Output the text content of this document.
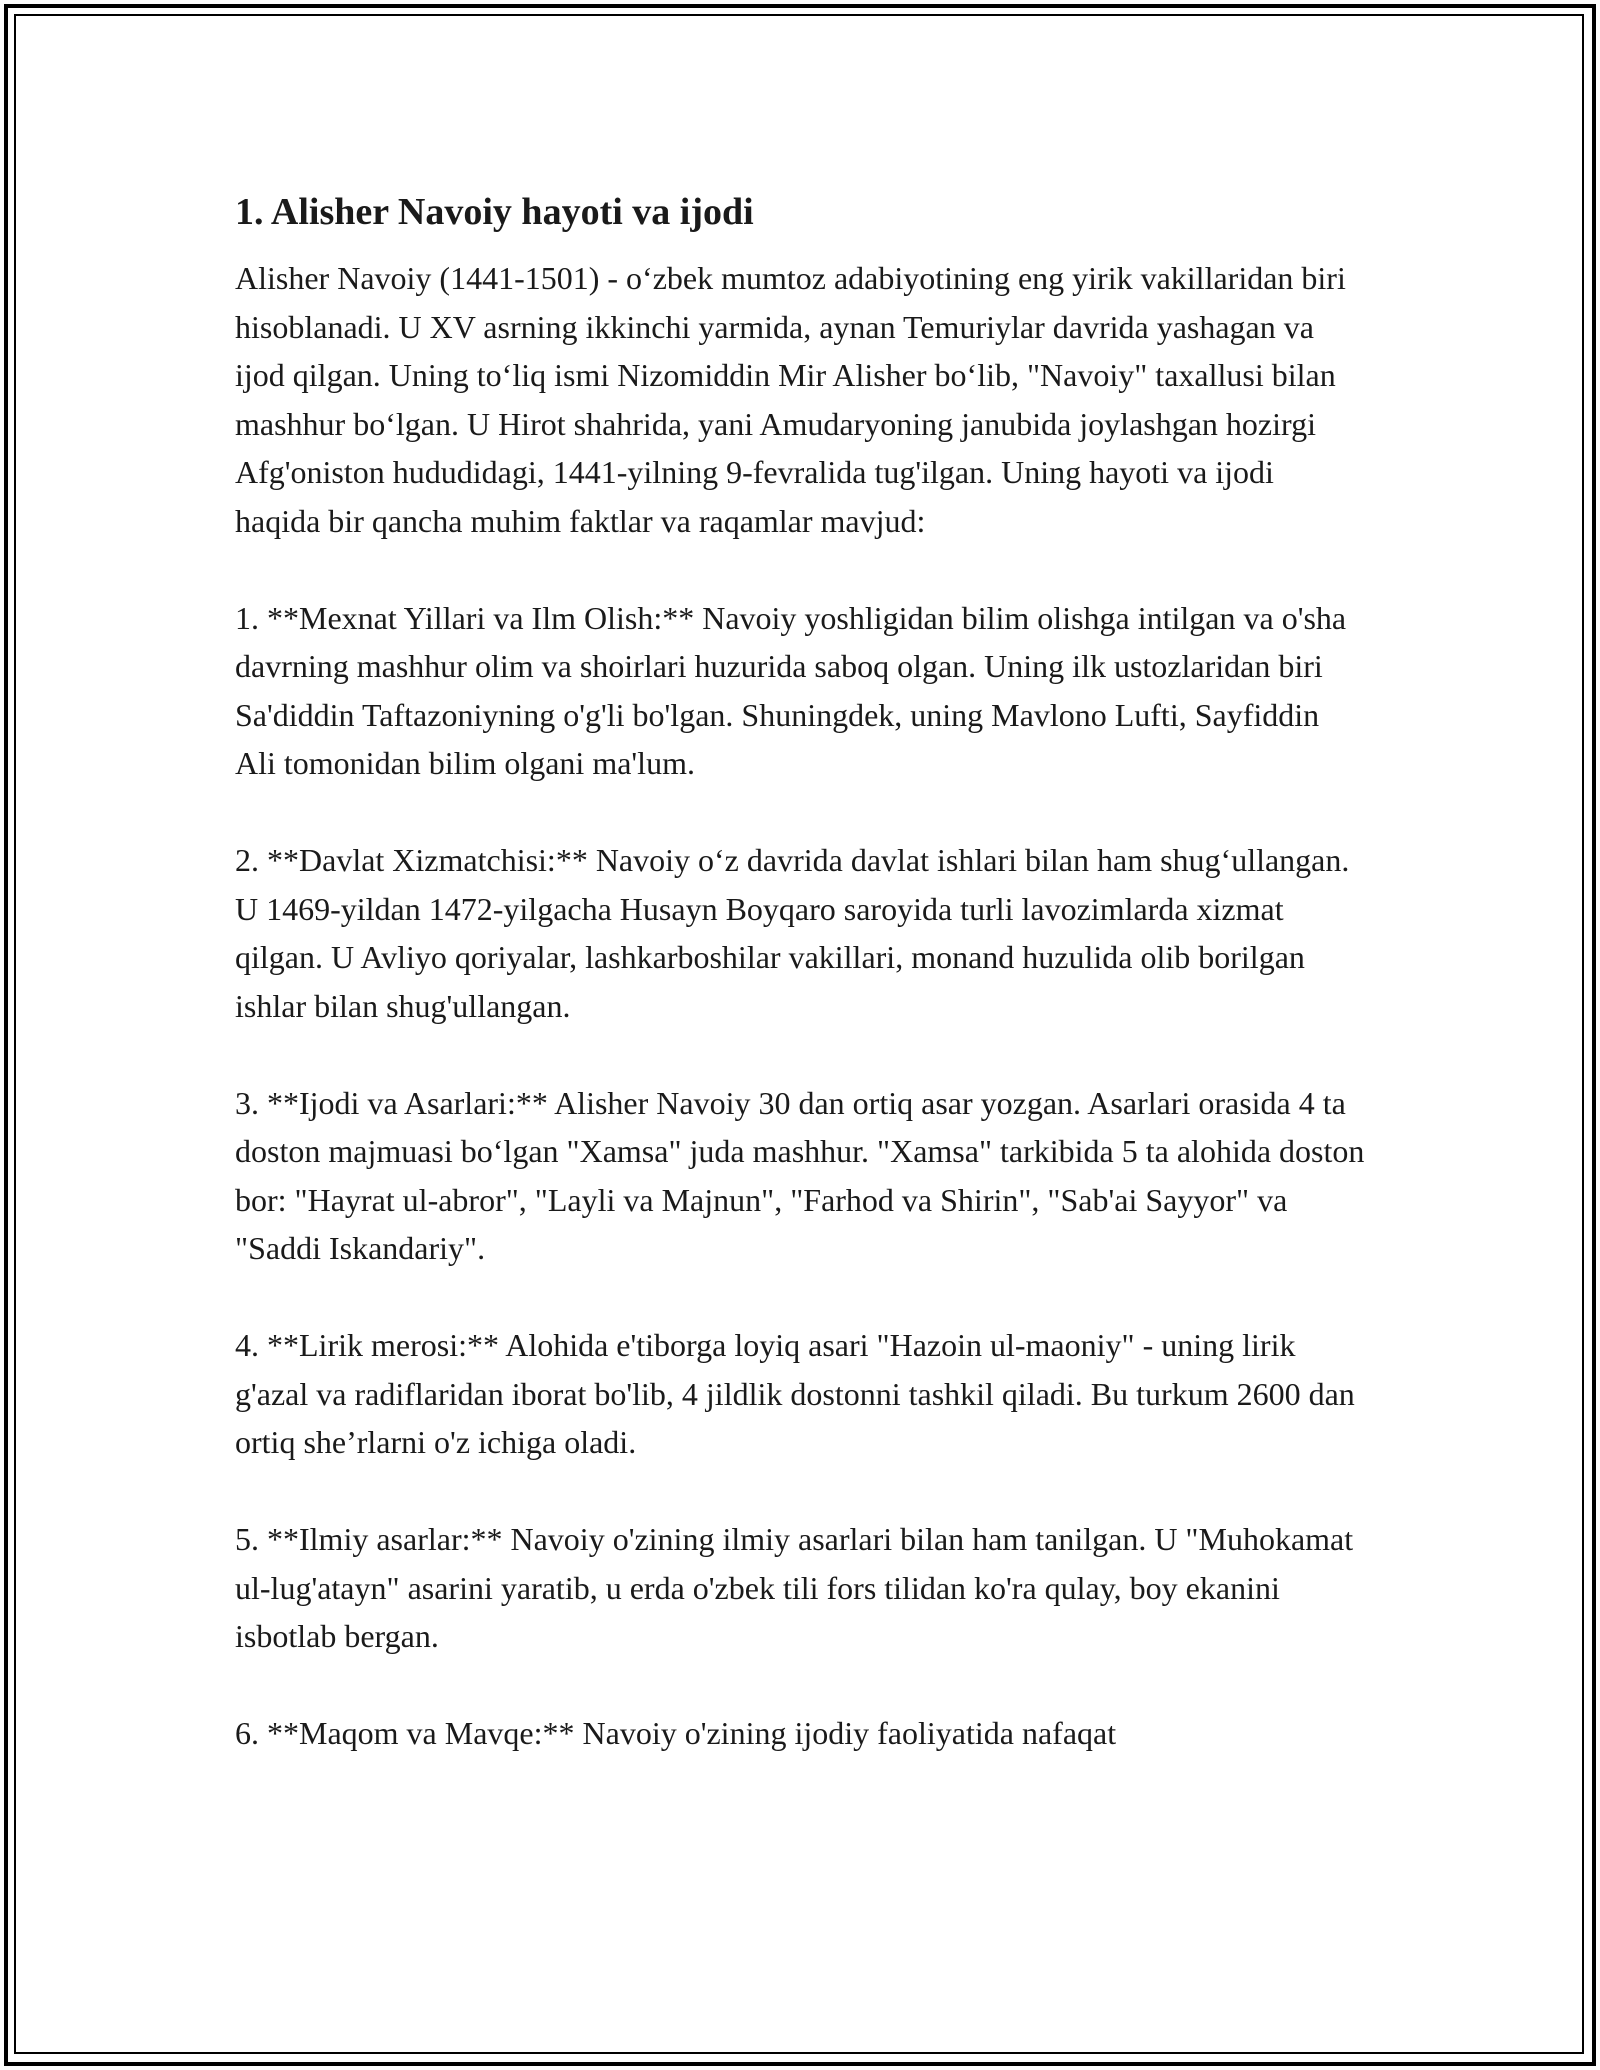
1. Alisher Navoiy hayoti va ijodi

Alisher Navoiy (1441-1501) - o‘zbek mumtoz adabiyotining eng yirik vakillaridan biri hisoblanadi. U XV asrning ikkinchi yarmida, aynan Temuriylar davrida yashagan va ijod qilgan. Uning to‘liq ismi Nizomiddin Mir Alisher bo‘lib, "Navoiy" taxallusi bilan mashhur bo‘lgan. U Hirot shahrida, yani Amudaryoning janubida joylashgan hozirgi Afg'oniston hududidagi, 1441-yilning 9-fevralida tug'ilgan. Uning hayoti va ijodi haqida bir qancha muhim faktlar va raqamlar mavjud:

1. **Mexnat Yillari va Ilm Olish:** Navoiy yoshligidan bilim olishga intilgan va o'sha davrning mashhur olim va shoirlari huzurida saboq olgan. Uning ilk ustozlaridan biri Sa'diddin Taftazoniyning o'g'li bo'lgan. Shuningdek, uning Mavlono Lufti, Sayfiddin Ali tomonidan bilim olgani ma'lum.

2. **Davlat Xizmatchisi:** Navoiy o‘z davrida davlat ishlari bilan ham shug‘ullangan. U 1469-yildan 1472-yilgacha Husayn Boyqaro saroyida turli lavozimlarda xizmat qilgan. U Avliyo qoriyalar, lashkarboshilar vakillari, monand huzulida olib borilgan ishlar bilan shug'ullangan.

3. **Ijodi va Asarlari:** Alisher Navoiy 30 dan ortiq asar yozgan. Asarlari orasida 4 ta doston majmuasi bo‘lgan "Xamsa" juda mashhur. "Xamsa" tarkibida 5 ta alohida doston bor: "Hayrat ul-abror", "Layli va Majnun", "Farhod va Shirin", "Sab'ai Sayyor" va "Saddi Iskandariy".

4. **Lirik merosi:** Alohida e'tiborga loyiq asari "Hazoin ul-maoniy" - uning lirik g'azal va radiflaridan iborat bo'lib, 4 jildlik dostonni tashkil qiladi. Bu turkum 2600 dan ortiq she’rlarni o'z ichiga oladi.

5. **Ilmiy asarlar:** Navoiy o'zining ilmiy asarlari bilan ham tanilgan. U "Muhokamat ul-lug'atayn" asarini yaratib, u erda o'zbek tili fors tilidan ko'ra qulay, boy ekanini isbotlab bergan.

6. **Maqom va Mavqe:** Navoiy o'zining ijodiy faoliyatida nafaqat
